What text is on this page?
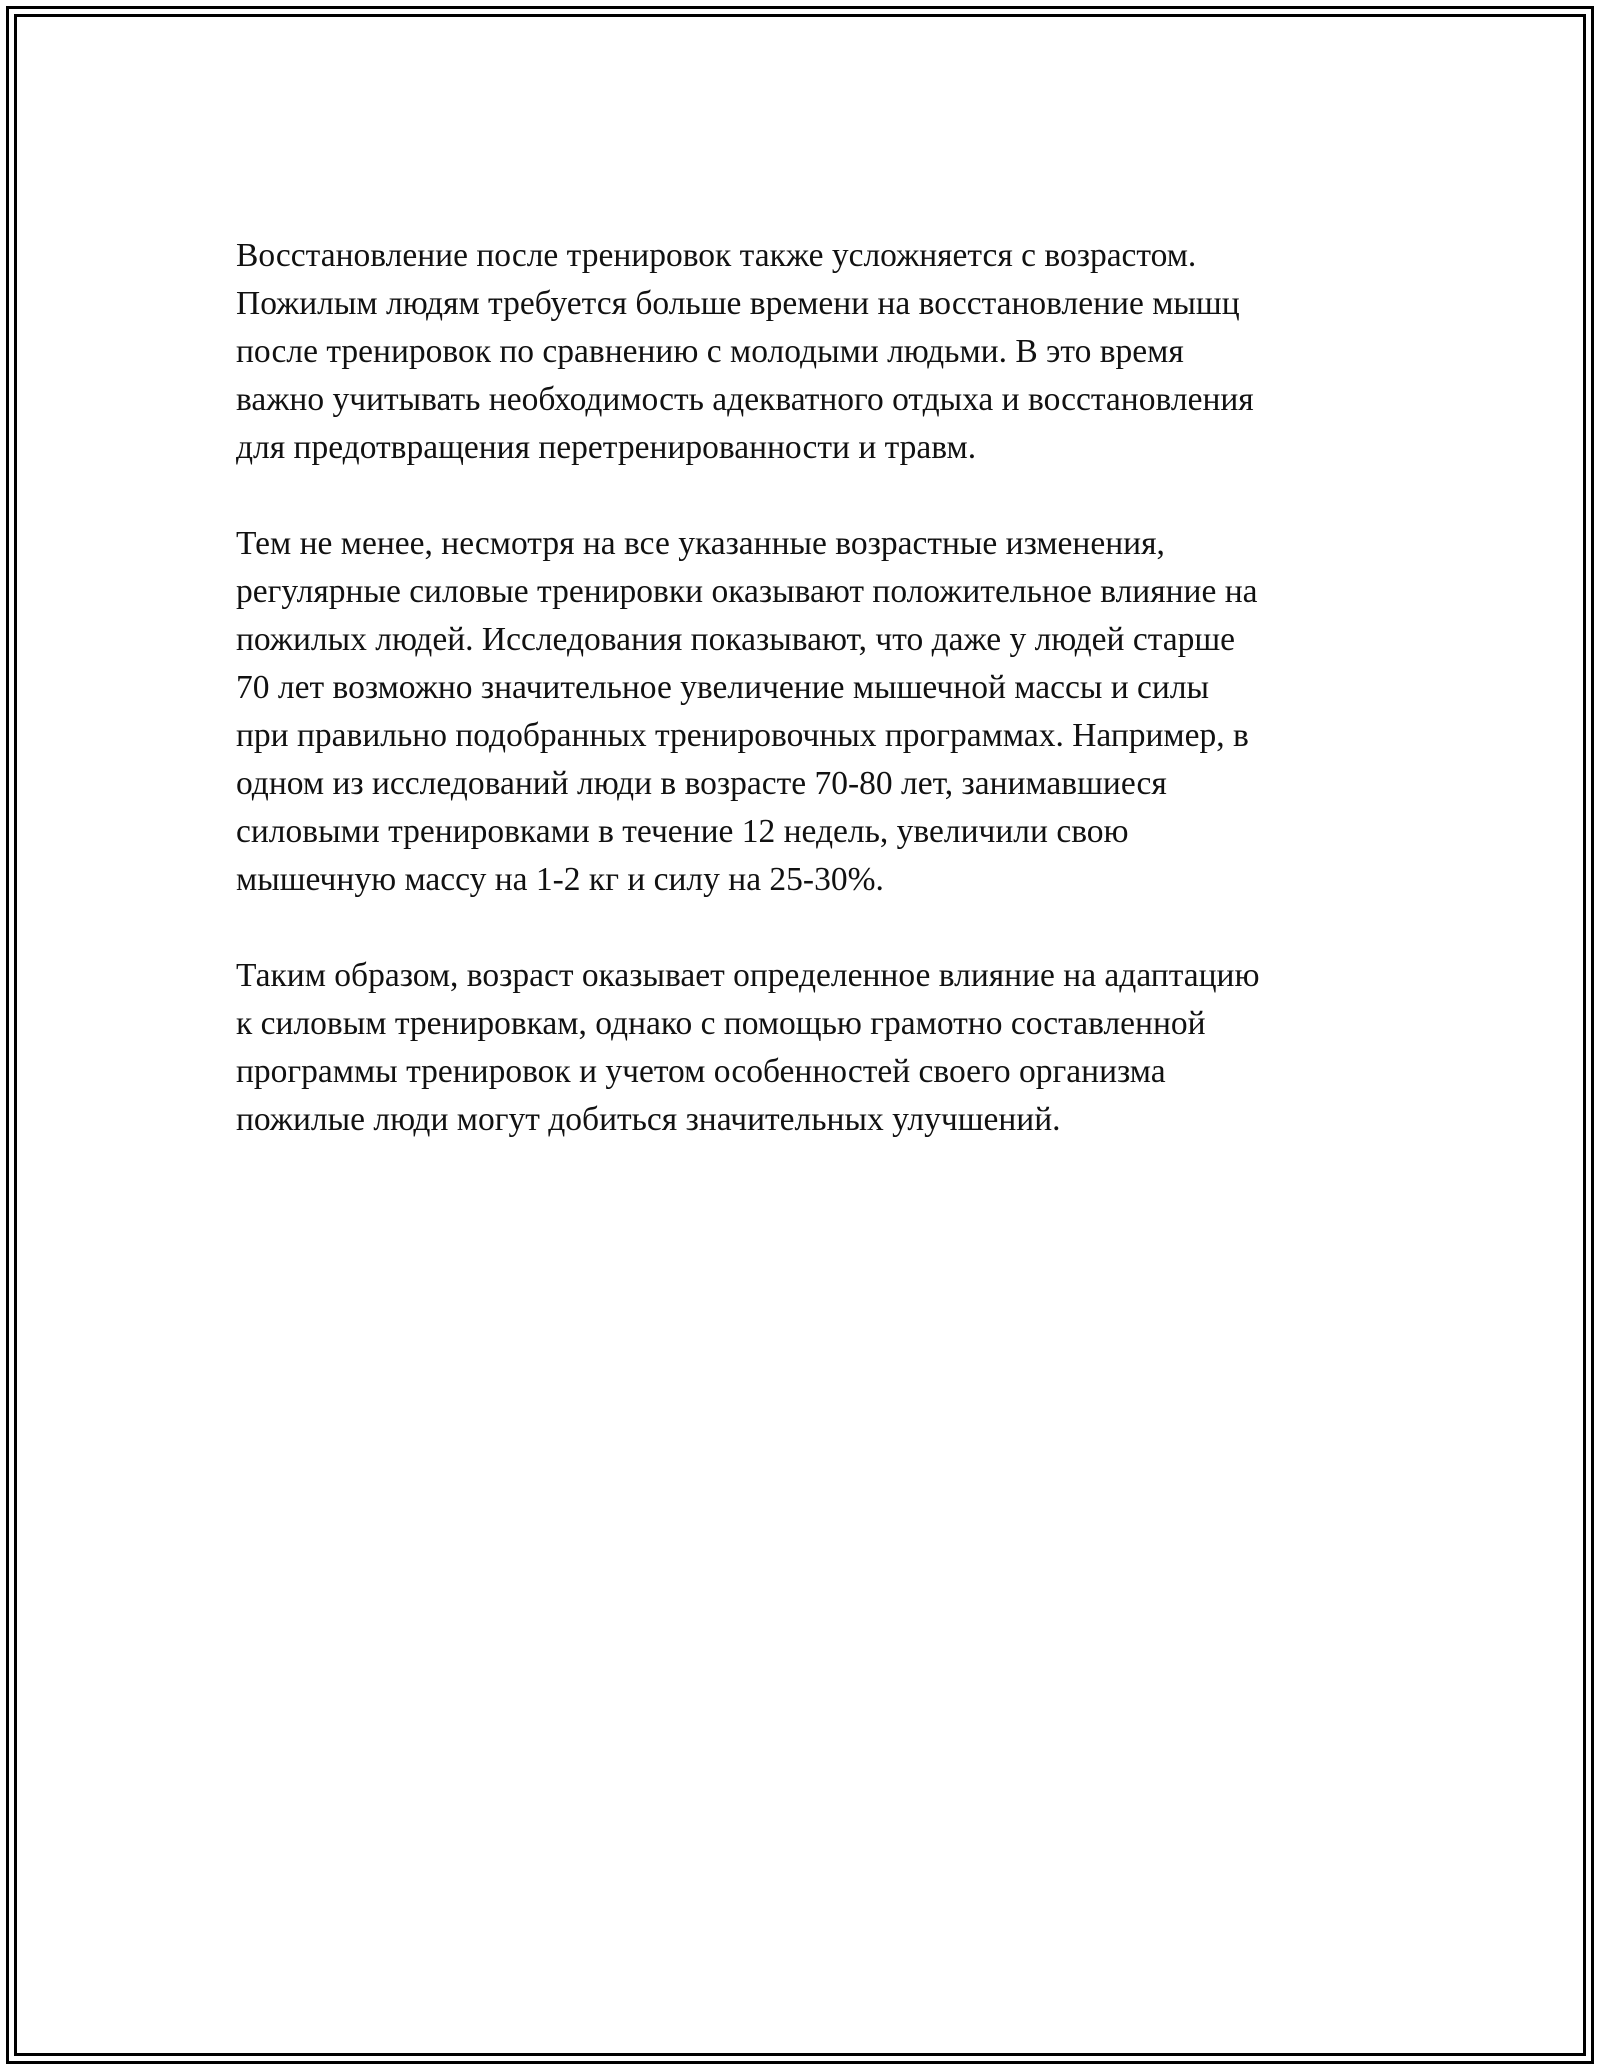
Восстановление после тренировок также усложняется с возрастом.
Пожилым людям требуется больше времени на восстановление мышц
после тренировок по сравнению с молодыми людьми. В это время
важно учитывать необходимость адекватного отдыха и восстановления
для предотвращения перетренированности и травм.

Тем не менее, несмотря на все указанные возрастные изменения,
регулярные силовые тренировки оказывают положительное влияние на
пожилых людей. Исследования показывают, что даже у людей старше
70 лет возможно значительное увеличение мышечной массы и силы
при правильно подобранных тренировочных программах. Например, в
одном из исследований люди в возрасте 70-80 лет, занимавшиеся
силовыми тренировками в течение 12 недель, увеличили свою
мышечную массу на 1-2 кг и силу на 25-30%.

Таким образом, возраст оказывает определенное влияние на адаптацию
к силовым тренировкам, однако с помощью грамотно составленной
программы тренировок и учетом особенностей своего организма
пожилые люди могут добиться значительных улучшений.
